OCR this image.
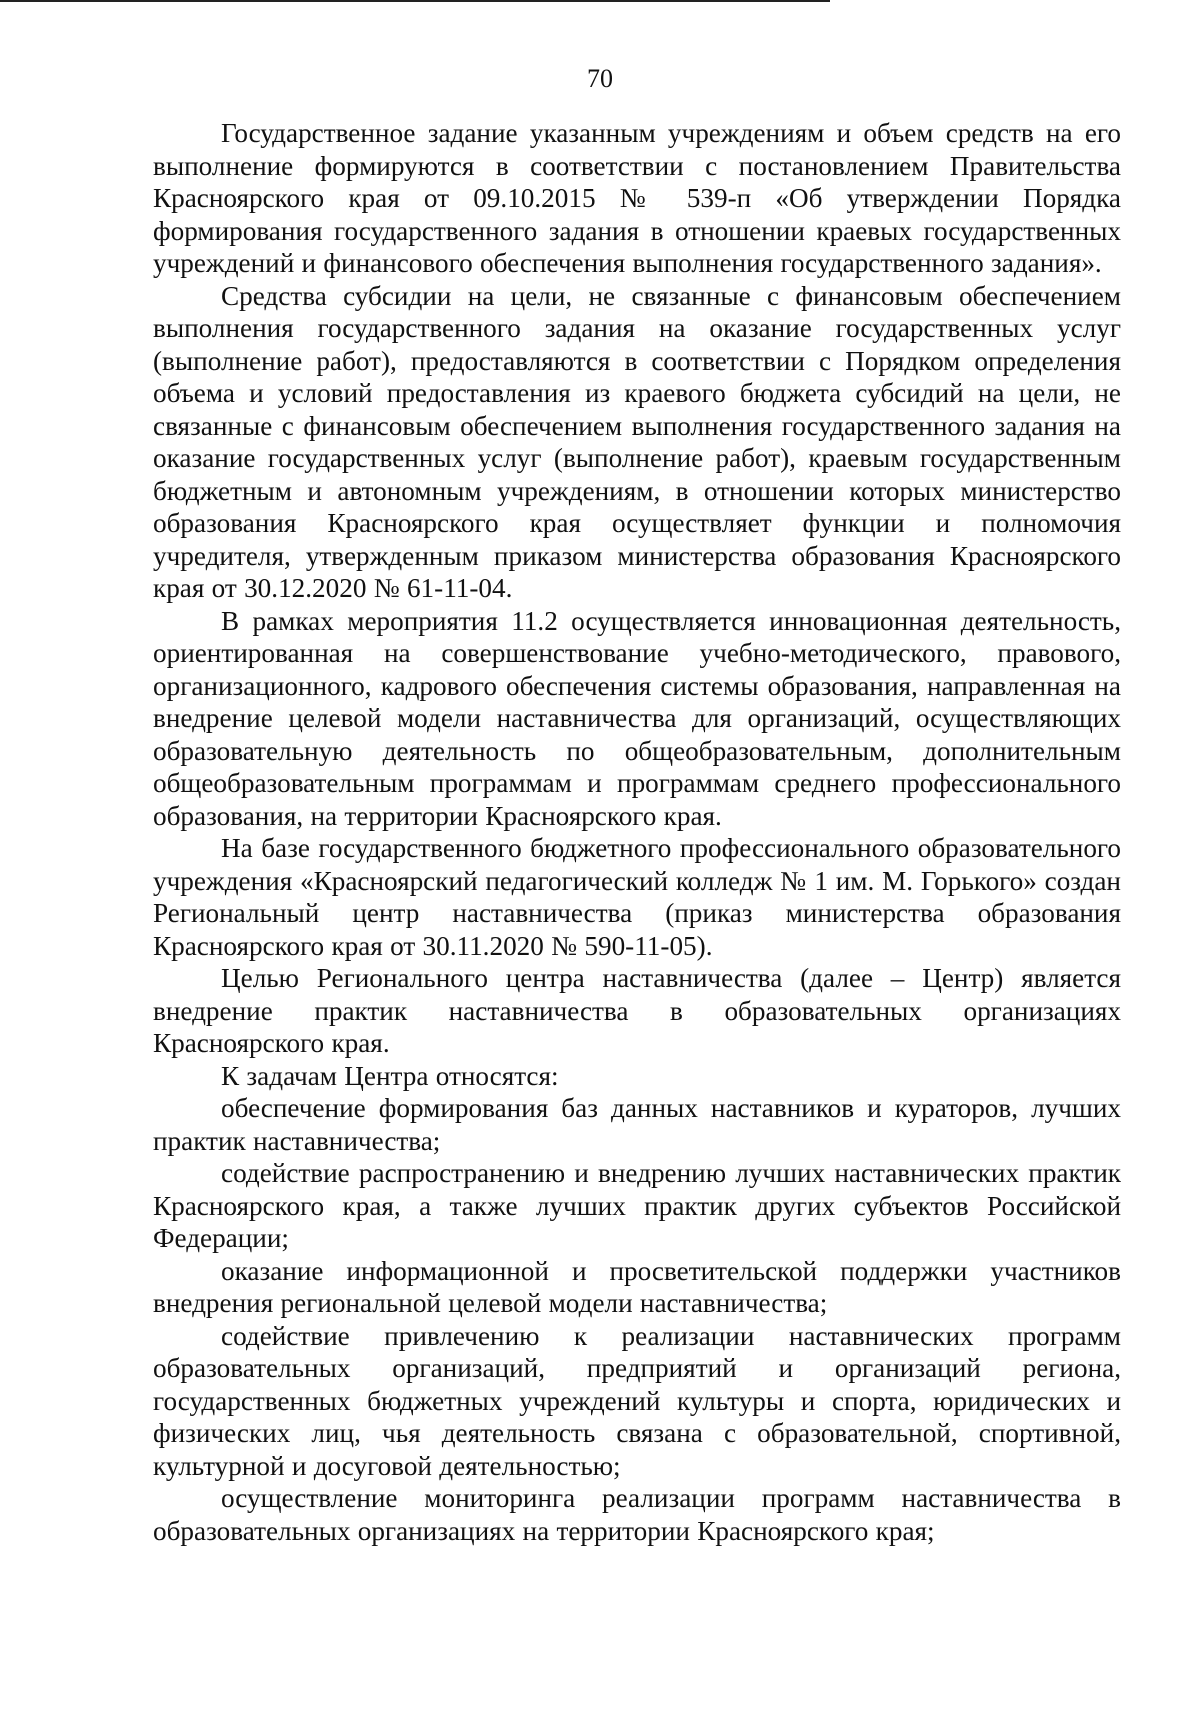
70

Государственное задание указанным учреждениям и объем средств на его выполнение формируются в соответствии с постановлением Правительства Красноярского края от 09.10.2015 № 539-п «Об утверждении Порядка формирования государственного задания в отношении краевых государственных учреждений и финансового обеспечения выполнения государственного задания».

Средства субсидии на цели, не связанные с финансовым обеспечением выполнения государственного задания на оказание государственных услуг (выполнение работ), предоставляются в соответствии с Порядком определения объема и условий предоставления из краевого бюджета субсидий на цели, не связанные с финансовым обеспечением выполнения государственного задания на оказание государственных услуг (выполнение работ), краевым государственным бюджетным и автономным учреждениям, в отношении которых министерство образования Красноярского края осуществляет функции и полномочия учредителя, утвержденным приказом министерства образования Красноярского края от 30.12.2020 № 61-11-04.

В рамках мероприятия 11.2 осуществляется инновационная деятельность, ориентированная на совершенствование учебно-методического, правового, организационного, кадрового обеспечения системы образования, направленная на внедрение целевой модели наставничества для организаций, осуществляющих образовательную деятельность по общеобразовательным, дополнительным общеобразовательным программам и программам среднего профессионального образования, на территории Красноярского края.

На базе государственного бюджетного профессионального образовательного учреждения «Красноярский педагогический колледж № 1 им. М. Горького» создан Региональный центр наставничества (приказ министерства образования Красноярского края от 30.11.2020 № 590-11-05).

Целью Регионального центра наставничества (далее – Центр) является внедрение практик наставничества в образовательных организациях Красноярского края.

К задачам Центра относятся:

обеспечение формирования баз данных наставников и кураторов, лучших практик наставничества;

содействие распространению и внедрению лучших наставнических практик Красноярского края, а также лучших практик других субъектов Российской Федерации;

оказание информационной и просветительской поддержки участников внедрения региональной целевой модели наставничества;

содействие привлечению к реализации наставнических программ образовательных организаций, предприятий и организаций региона, государственных бюджетных учреждений культуры и спорта, юридических и физических лиц, чья деятельность связана с образовательной, спортивной, культурной и досуговой деятельностью;

осуществление мониторинга реализации программ наставничества в образовательных организациях на территории Красноярского края;
